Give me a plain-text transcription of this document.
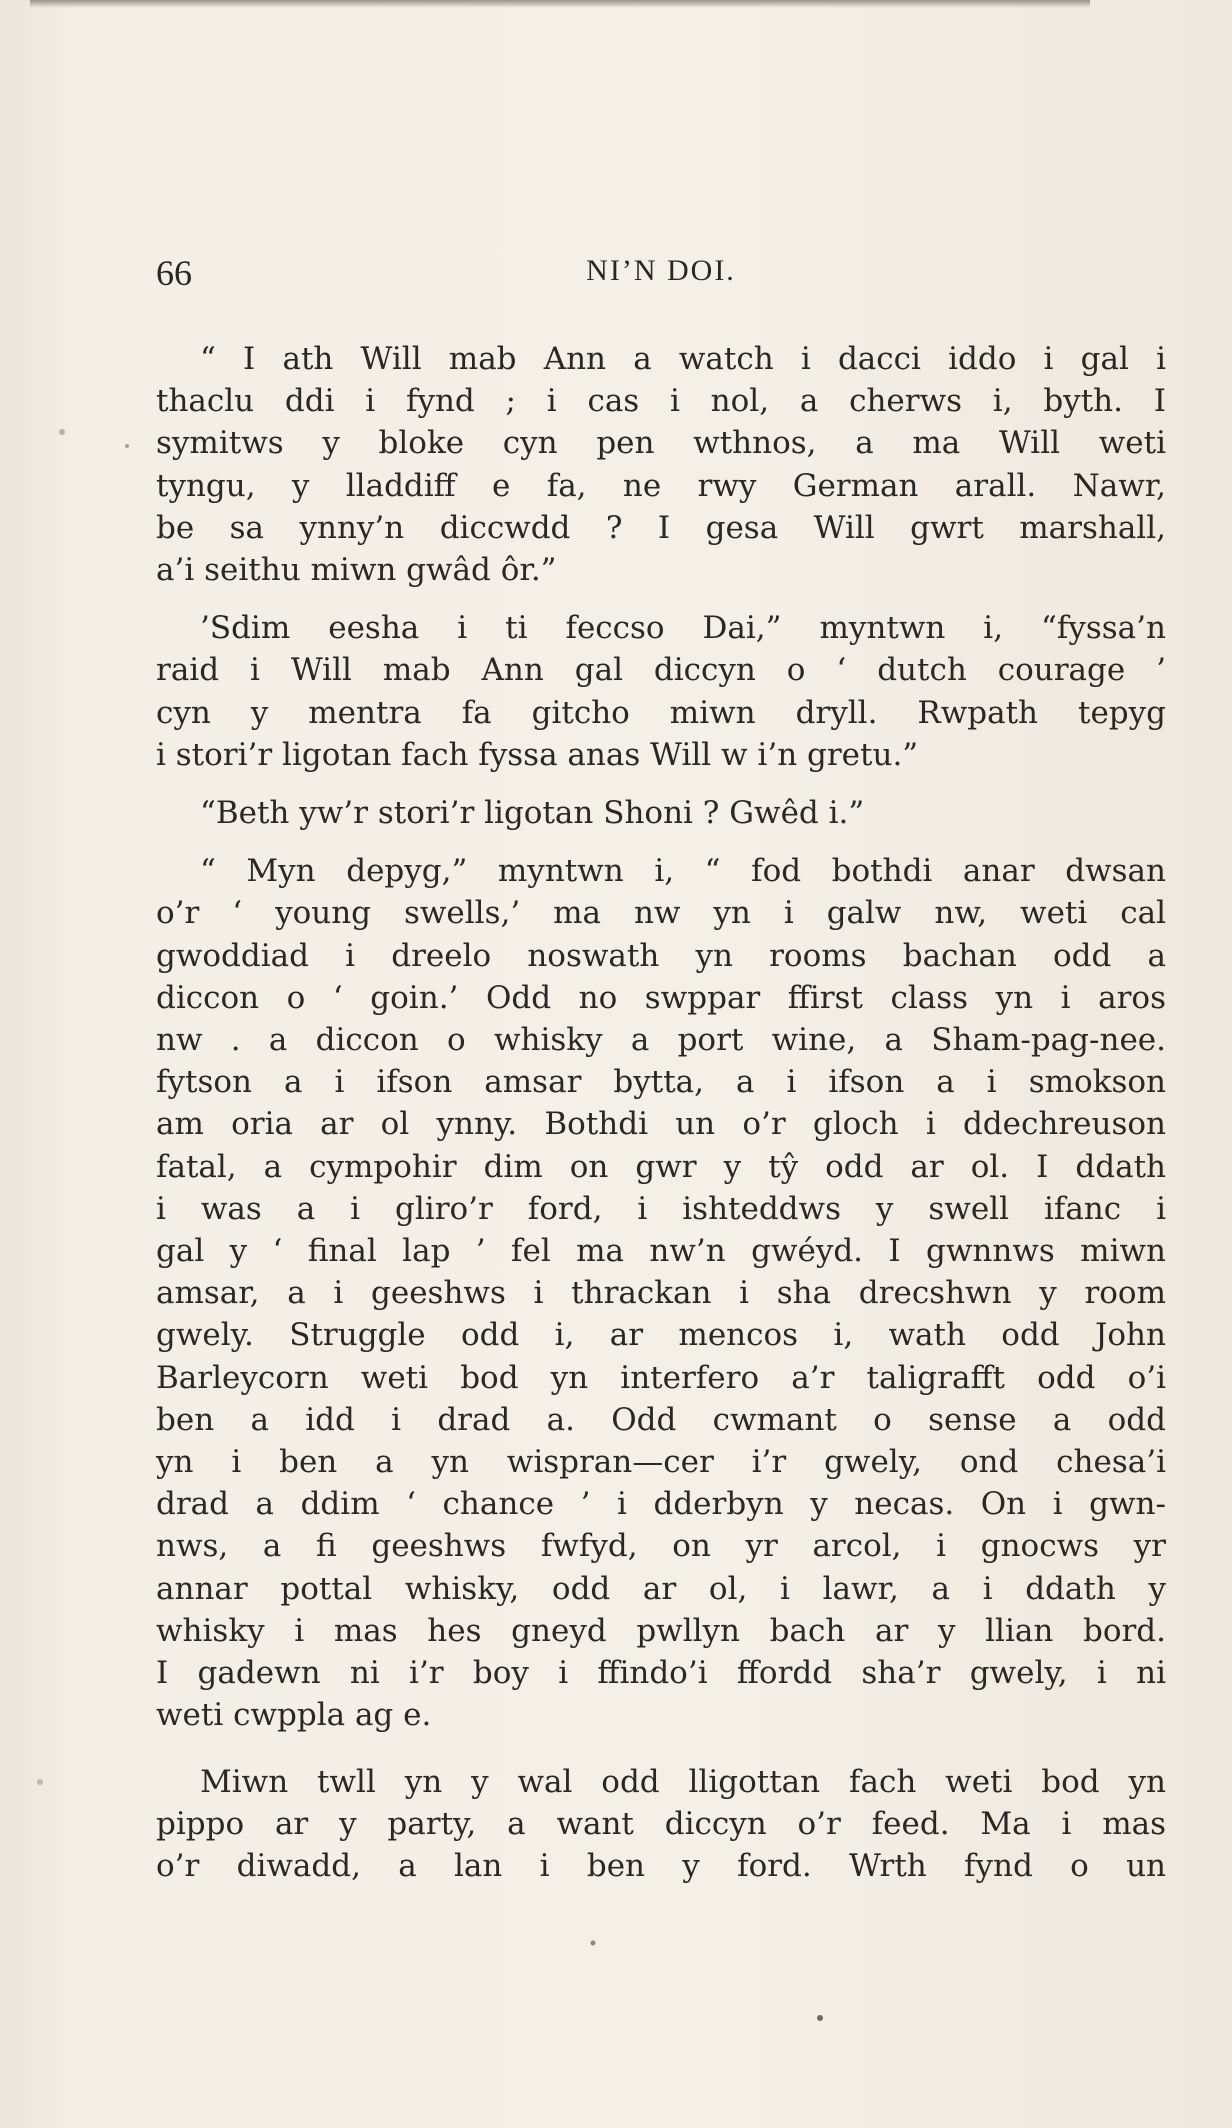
66	NI’N DOI.
“ I ath Will mab Ann a watch i dacci iddo i gal i
thaclu ddi i fynd ; i cas i nol, a cherws i, byth. I
symitws y bloke cyn pen wthnos, a ma Will weti
tyngu, y lladdiff e fa, ne rwy German arall. Nawr,
be sa ynny’n diccwdd ? I gesa Will gwrt marshall,
a’i seithu miwn gwâd ôr.”
’Sdim eesha i ti feccso Dai,” myntwn i, “fyssa’n
raid i Will mab Ann gal diccyn o ‘ dutch courage ’
cyn y mentra fa gitcho miwn dryll. Rwpath tepyg
i stori’r ligotan fach fyssa anas Will w i’n gretu.”
“Beth yw’r stori’r ligotan Shoni ? Gwêd i.”
“ Myn depyg,” myntwn i, “ fod bothdi anar dwsan
o’r ‘ young swells,’ ma nw yn i galw nw, weti cal
gwoddiad i dreelo noswath yn rooms bachan odd a
diccon o ‘ goin.’ Odd no swppar ffirst class yn i aros
nw . a diccon o whisky a port wine, a Sham-pag-nee.
fytson a i ifson amsar bytta, a i ifson a i smokson
am oria ar ol ynny. Bothdi un o’r gloch i ddechreuson
fatal, a cympohir dim on gwr y tŷ odd ar ol. I ddath
i was a i gliro’r ford, i ishteddws y swell ifanc i
gal y ‘ final lap ’ fel ma nw’n gwéyd. I gwnnws miwn
amsar, a i geeshws i thrackan i sha drecshwn y room
gwely. Struggle odd i, ar mencos i, wath odd John
Barleycorn weti bod yn interfero a’r taligrafft odd o’i
ben a idd i drad a. Odd cwmant o sense a odd
yn i ben a yn wispran—cer i’r gwely, ond chesa’i
drad a ddim ‘ chance ’ i dderbyn y necas. On i gwn-
nws, a fi geeshws fwfyd, on yr arcol, i gnocws yr
annar pottal whisky, odd ar ol, i lawr, a i ddath y
whisky i mas hes gneyd pwllyn bach ar y llian bord.
I gadewn ni i’r boy i ffindo’i ffordd sha’r gwely, i ni
weti cwppla ag e.
Miwn twll yn y wal odd lligottan fach weti bod yn
pippo ar y party, a want diccyn o’r feed. Ma i mas
o’r diwadd, a lan i ben y ford. Wrth fynd o un
